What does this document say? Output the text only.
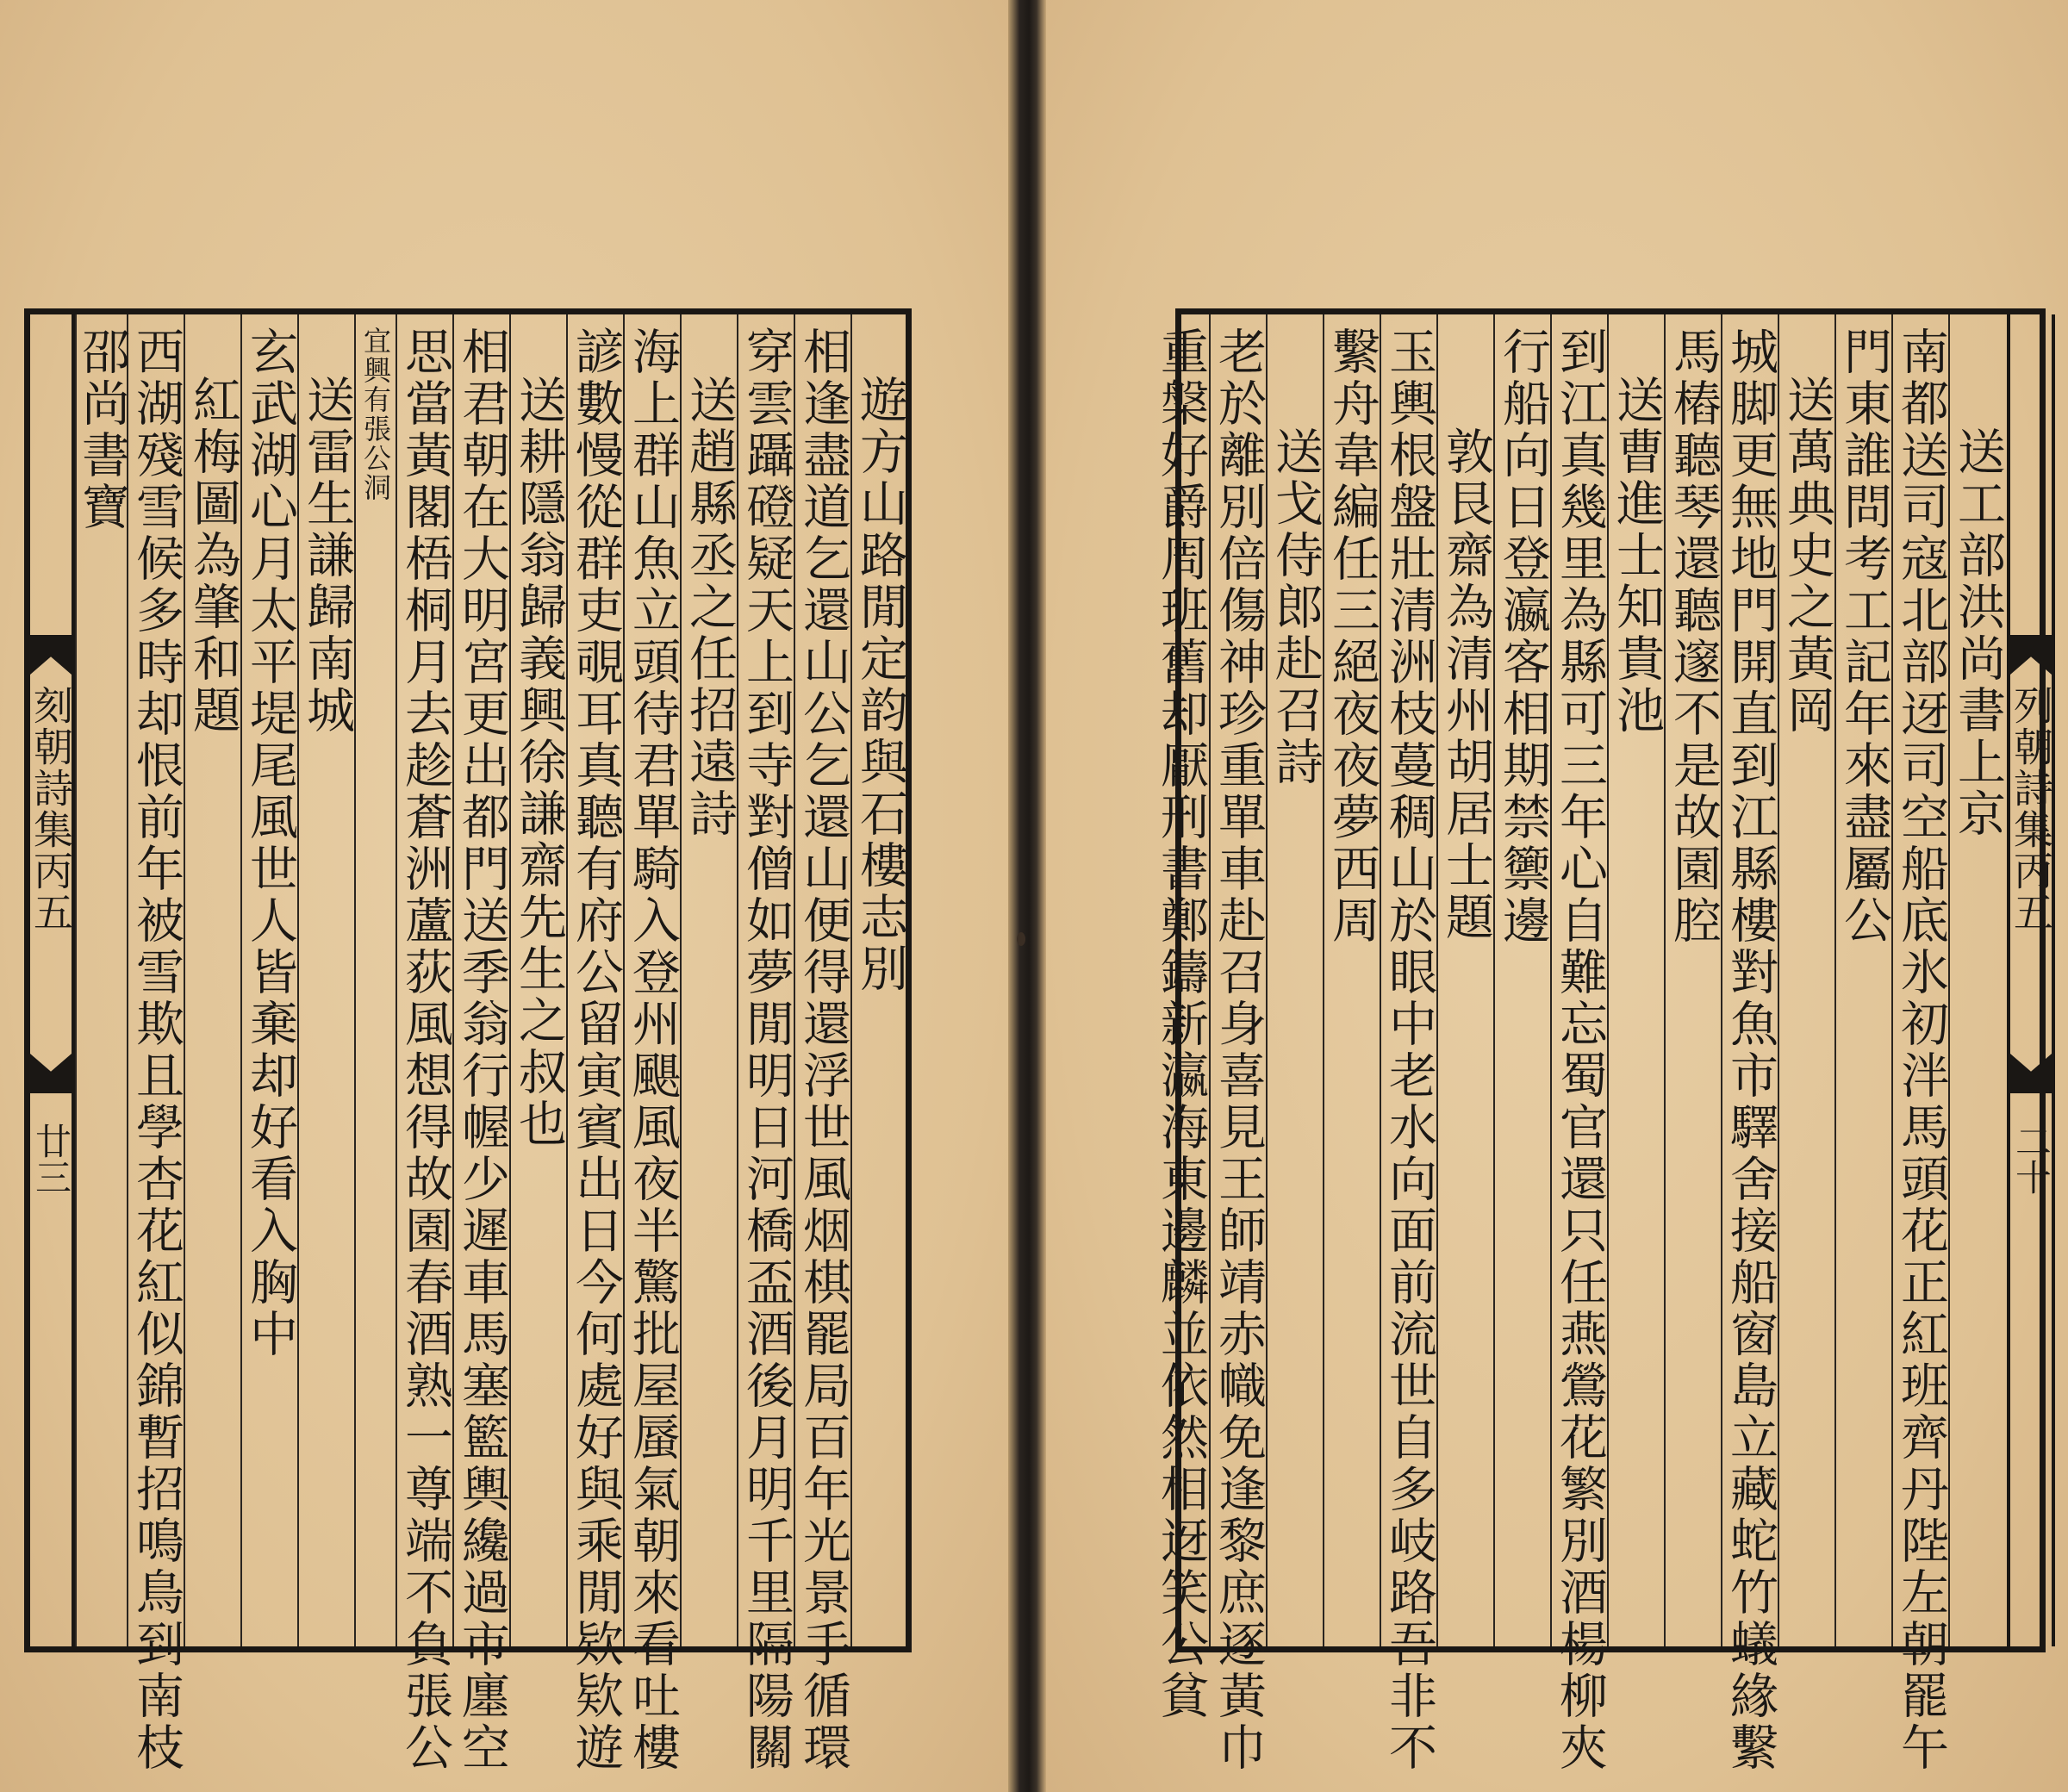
刻朝詩集丙五
廿三
遊方山路閒定韵與石樓志別
相逢盡道乞還山公乞還山便得還浮世風烟棋罷局百年光景手循環
穿雲躡磴疑天上到寺對僧如夢閒明日河橋盃酒後月明千里隔陽關
送趙縣丞之任招遠詩
海上群山魚立頭待君單騎入登州颶風夜半驚批屋蜃氣朝來看吐樓
諺數慢從群吏覗耳真聽有府公留寅賓出日今何處好與乘閒欵欵遊
送耕隱翁歸義興徐謙齋先生之叔也
相君朝在大明宮更出都門送季翁行幄少遲車馬塞籃輿纔過市廛空
思當黃閣梧桐月去趁蒼洲蘆荻風想得故園春酒熟一尊端不負張公
宜興有張公洞
送雷生謙歸南城
玄武湖心月太平堤尾風世人皆棄却好看入胸中
紅梅圖為肇和題
西湖殘雪候多時却恨前年被雪欺且學杏花紅似錦暫招鳴鳥到南枝
邵尚書寶
列朝詩集丙五
二十
送工部洪尚書上京
南都送司寇北部迓司空船底氷初泮馬頭花正紅班齊丹陛左朝罷午
門東誰問考工記年來盡屬公
送萬典史之黃岡
城脚更無地門開直到江縣樓對魚市驛舍接船窗島立藏蛇竹蟻緣繫
馬樁聽琴還聽邃不是故園腔
送曹進士知貴池
到江真幾里為縣可三年心自難忘蜀官還只任燕鶯花繁別酒楊柳夾
行船向日登瀛客相期禁籞邊
敦艮齋為清州胡居士題
玉輿根盤壯清洲枝蔓稠山於眼中老水向面前流世自多岐路吾非不
繫舟韋編任三絕夜夜夢西周
送戈侍郎赴召詩
老於離別倍傷神珍重單車赴召身喜見王師靖赤幟免逢黎庶逐黃巾
重槃好爵周班舊却厭刑書鄭鑄新瀛海東邊麟並依然相迓笑公貧
